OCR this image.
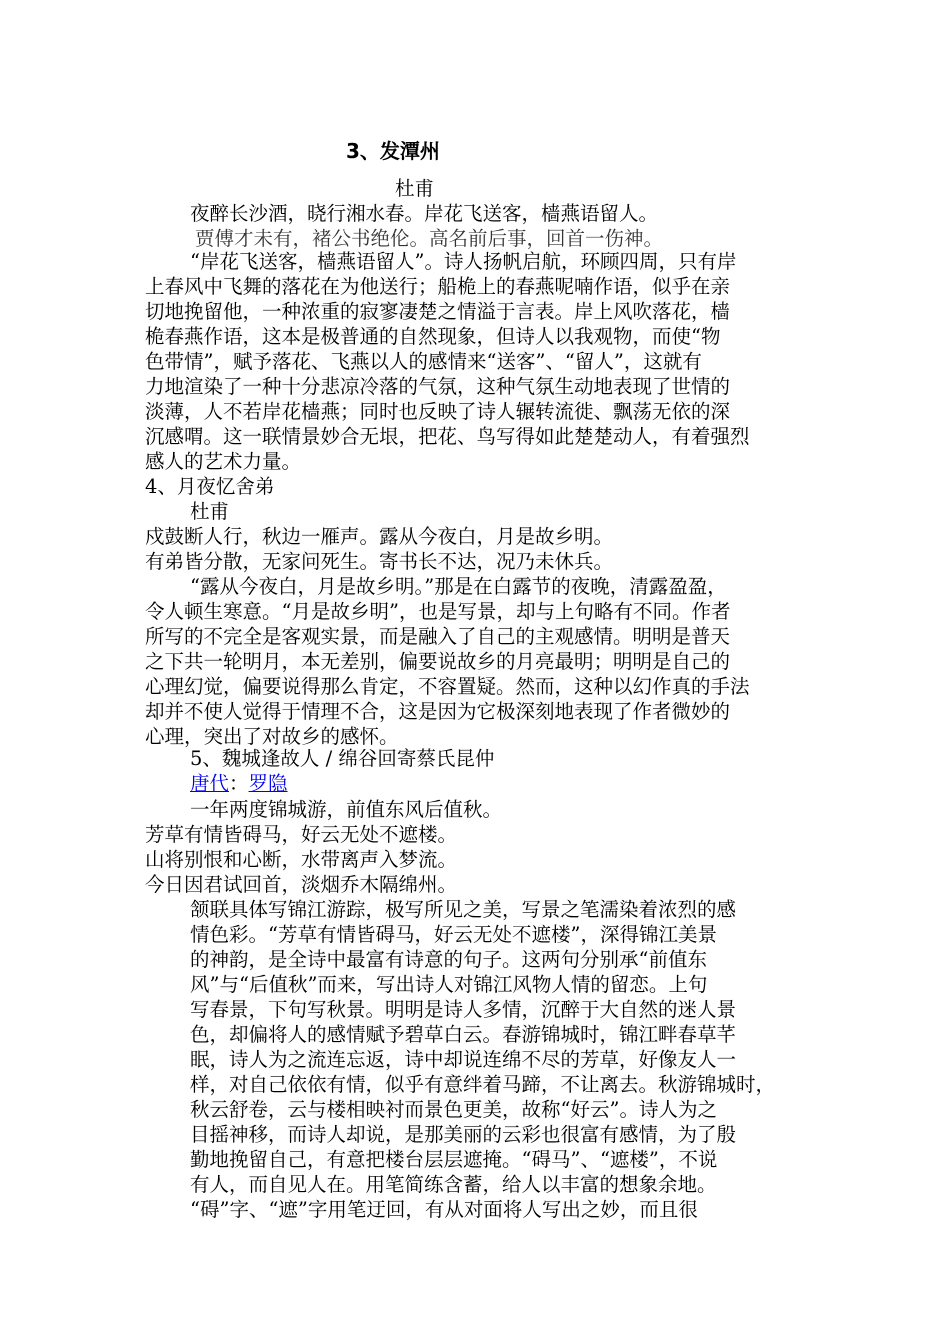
3、发潭州
杜甫
夜醉长沙酒，晓行湘水春。岸花飞送客，樯燕语留人。
贾傅才未有，褚公书绝伦。高名前后事，回首一伤神。
“岸花飞送客，樯燕语留人”。诗人扬帆启航，环顾四周，只有岸
上春风中飞舞的落花在为他送行；船桅上的春燕呢喃作语，似乎在亲
切地挽留他，一种浓重的寂寥凄楚之情溢于言表。岸上风吹落花，樯
桅春燕作语，这本是极普通的自然现象，但诗人以我观物，而使“物
色带情”，赋予落花、飞燕以人的感情来“送客”、“留人”，这就有
力地渲染了一种十分悲凉冷落的气氛，这种气氛生动地表现了世情的
淡薄，人不若岸花樯燕；同时也反映了诗人辗转流徙、飘荡无依的深
沉感喟。这一联情景妙合无垠，把花、鸟写得如此楚楚动人，有着强烈
感人的艺术力量。
4、月夜忆舍弟
杜甫
戍鼓断人行，秋边一雁声。露从今夜白，月是故乡明。
有弟皆分散，无家问死生。寄书长不达，况乃未休兵。
“露从今夜白，月是故乡明。”那是在白露节的夜晚，清露盈盈，
令人顿生寒意。“月是故乡明”，也是写景，却与上句略有不同。作者
所写的不完全是客观实景，而是融入了自己的主观感情。明明是普天
之下共一轮明月，本无差别，偏要说故乡的月亮最明；明明是自己的
心理幻觉，偏要说得那么肯定，不容置疑。然而，这种以幻作真的手法
却并不使人觉得于情理不合，这是因为它极深刻地表现了作者微妙的
心理，突出了对故乡的感怀。
5、魏城逢故人 / 绵谷回寄蔡氏昆仲
唐代：罗隐
一年两度锦城游，前值东风后值秋。
芳草有情皆碍马，好云无处不遮楼。
山将别恨和心断，水带离声入梦流。
今日因君试回首，淡烟乔木隔绵州。
颔联具体写锦江游踪，极写所见之美，写景之笔濡染着浓烈的感
情色彩。“芳草有情皆碍马，好云无处不遮楼”，深得锦江美景
的神韵，是全诗中最富有诗意的句子。这两句分别承“前值东
风”与“后值秋”而来，写出诗人对锦江风物人情的留恋。上句
写春景，下句写秋景。明明是诗人多情，沉醉于大自然的迷人景
色，却偏将人的感情赋予碧草白云。春游锦城时，锦江畔春草芊
眠，诗人为之流连忘返，诗中却说连绵不尽的芳草，好像友人一
样，对自己依依有情，似乎有意绊着马蹄，不让离去。秋游锦城时，
秋云舒卷，云与楼相映衬而景色更美，故称“好云”。诗人为之
目摇神移，而诗人却说，是那美丽的云彩也很富有感情，为了殷
勤地挽留自己，有意把楼台层层遮掩。“碍马”、“遮楼”，不说
有人，而自见人在。用笔简练含蓄，给人以丰富的想象余地。
“碍”字、“遮”字用笔迂回，有从对面将人写出之妙，而且很
